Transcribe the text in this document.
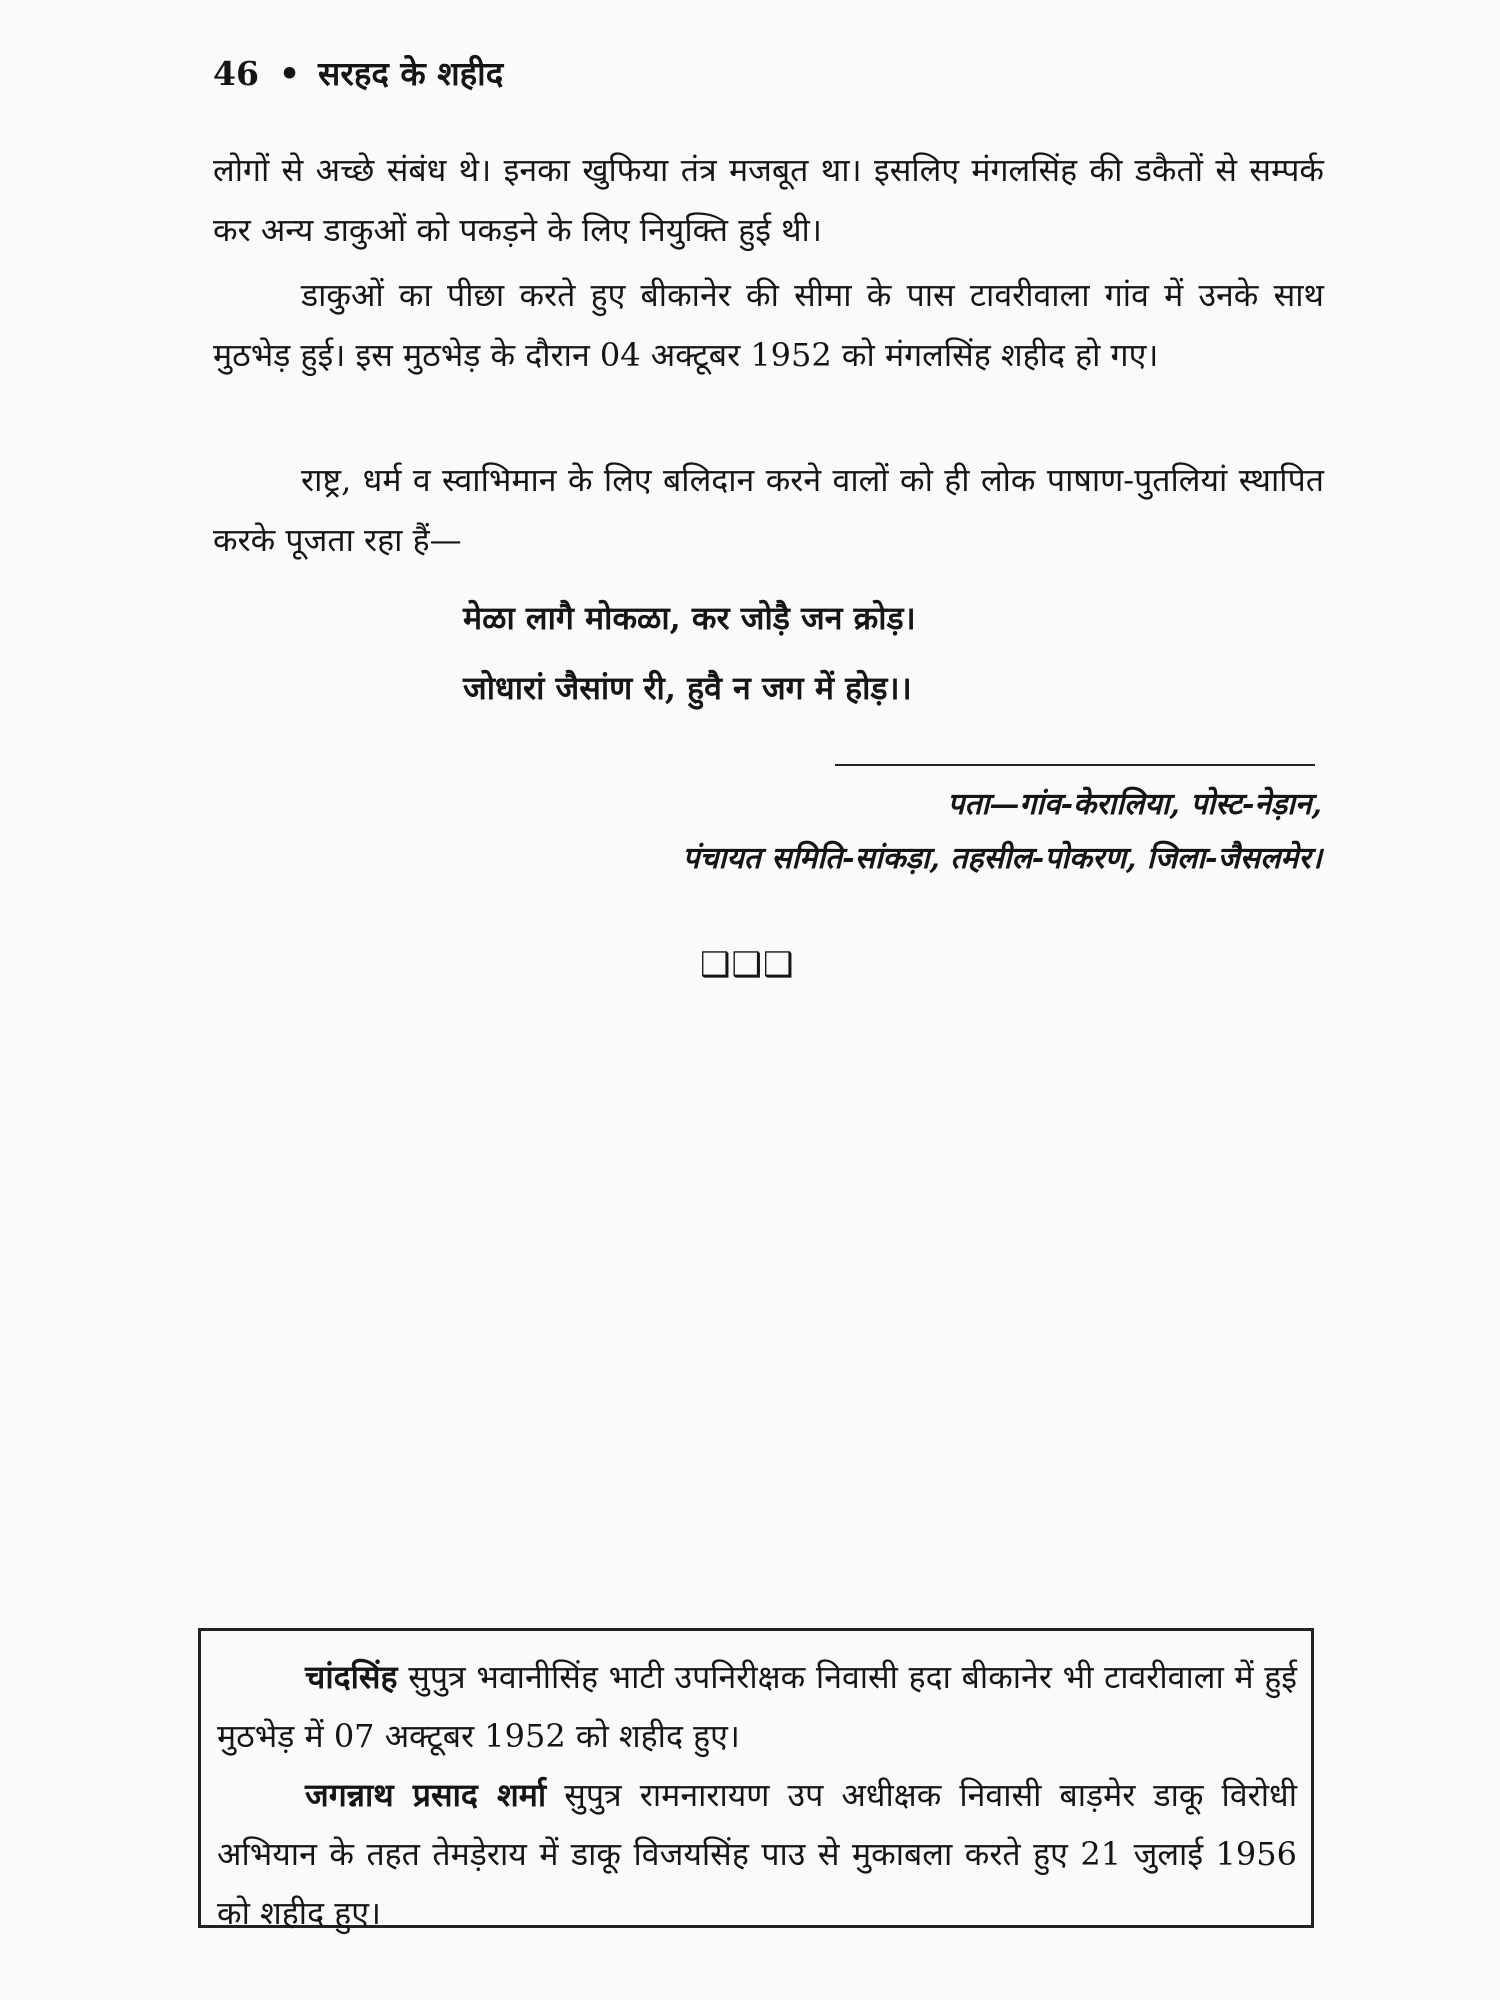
46 • सरहद के शहीद
लोगों से अच्छे संबंध थे। इनका खुफिया तंत्र मजबूत था। इसलिए मंगलसिंह की डकैतों से सम्पर्क कर अन्य डाकुओं को पकड़ने के लिए नियुक्ति हुई थी।
डाकुओं का पीछा करते हुए बीकानेर की सीमा के पास टावरीवाला गांव में उनके साथ मुठभेड़ हुई। इस मुठभेड़ के दौरान 04 अक्टूबर 1952 को मंगलसिंह शहीद हो गए।
राष्ट्र, धर्म व स्वाभिमान के लिए बलिदान करने वालों को ही लोक पाषाण-पुतलियां स्थापित करके पूजता रहा हैं—
मेळा लागै मोकळा, कर जोड़ै जन क्रोड़।
जोधारां जैसांण री, हुवै न जग में होड़।।
पता—गांव-केरालिया, पोस्ट-नेड़ान,
पंचायत समिति-सांकड़ा, तहसील-पोकरण, जिला-जैसलमेर।
❑❑❑
चांदसिंह सुपुत्र भवानीसिंह भाटी उपनिरीक्षक निवासी हदा बीकानेर भी टावरीवाला में हुई मुठभेड़ में 07 अक्टूबर 1952 को शहीद हुए।
जगन्नाथ प्रसाद शर्मा सुपुत्र रामनारायण उप अधीक्षक निवासी बाड़मेर डाकू विरोधी अभियान के तहत तेमड़ेराय में डाकू विजयसिंह पाउ से मुकाबला करते हुए 21 जुलाई 1956 को शहीद हुए।
